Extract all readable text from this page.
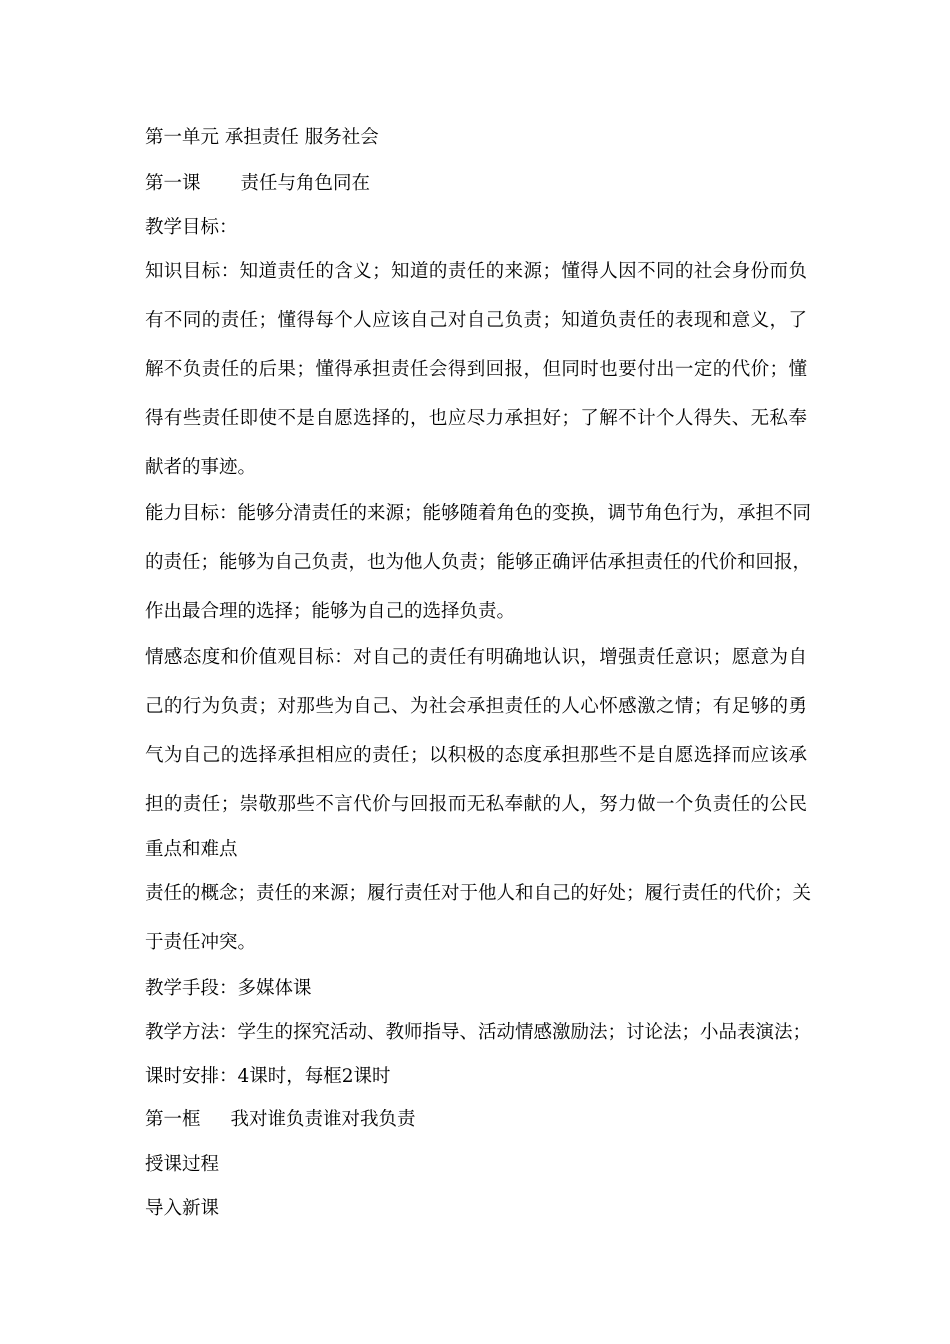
第一单元 承担责任 服务社会
第一课 责任与角色同在
教学目标：
知识目标：知道责任的含义；知道的责任的来源；懂得人因不同的社会身份而负
有不同的责任；懂得每个人应该自己对自己负责；知道负责任的表现和意义，了
解不负责任的后果；懂得承担责任会得到回报，但同时也要付出一定的代价；懂
得有些责任即使不是自愿选择的，也应尽力承担好；了解不计个人得失、无私奉
献者的事迹。
能力目标：能够分清责任的来源；能够随着角色的变换，调节角色行为，承担不同
的责任；能够为自己负责，也为他人负责；能够正确评估承担责任的代价和回报，
作出最合理的选择；能够为自己的选择负责。
情感态度和价值观目标：对自己的责任有明确地认识，增强责任意识；愿意为自
己的行为负责；对那些为自己、为社会承担责任的人心怀感激之情；有足够的勇
气为自己的选择承担相应的责任；以积极的态度承担那些不是自愿选择而应该承
担的责任；崇敬那些不言代价与回报而无私奉献的人，努力做一个负责任的公民
重点和难点
责任的概念；责任的来源；履行责任对于他人和自己的好处；履行责任的代价；关
于责任冲突。
教学手段：多媒体课
教学方法：学生的探究活动、教师指导、活动情感激励法；讨论法；小品表演法；
课时安排：4课时，每框2课时
第一框 我对谁负责谁对我负责
授课过程
导入新课
